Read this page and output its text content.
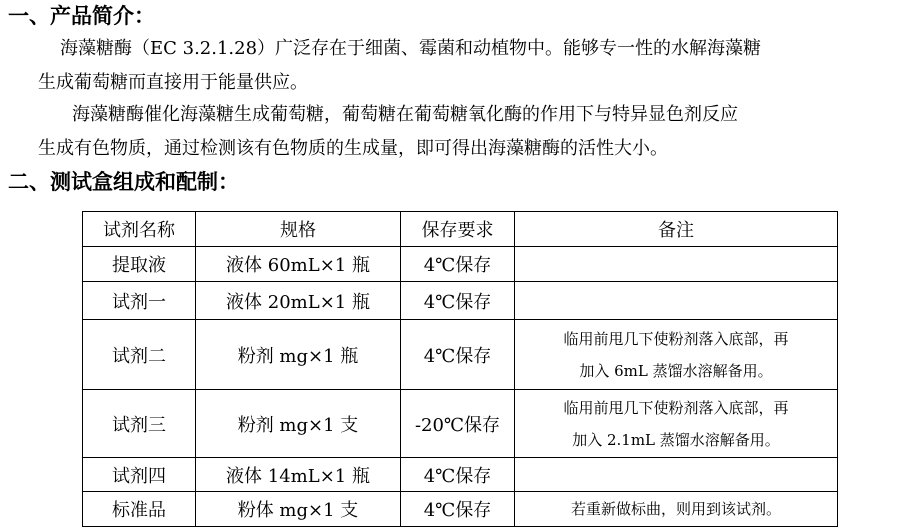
一、产品简介：
海藻糖酶（EC 3.2.1.28）广泛存在于细菌、霉菌和动植物中。能够专一性的水解海藻糖
生成葡萄糖而直接用于能量供应。
海藻糖酶催化海藻糖生成葡萄糖，葡萄糖在葡萄糖氧化酶的作用下与特异显色剂反应
生成有色物质，通过检测该有色物质的生成量，即可得出海藻糖酶的活性大小。
二、测试盒组成和配制：
试剂名称	规格	保存要求	备注
提取液	液体 60mL×1 瓶	4℃保存	
试剂一	液体 20mL×1 瓶	4℃保存	
试剂二	粉剂 mg×1 瓶	4℃保存	临用前甩几下使粉剂落入底部，再
加入 6mL 蒸馏水溶解备用。

试剂三	粉剂 mg×1 支	-20℃保存	临用前甩几下使粉剂落入底部，再
加入 2.1mL 蒸馏水溶解备用。

试剂四	液体 14mL×1 瓶	4℃保存	
标准品	粉体 mg×1 支	4℃保存	若重新做标曲，则用到该试剂。
